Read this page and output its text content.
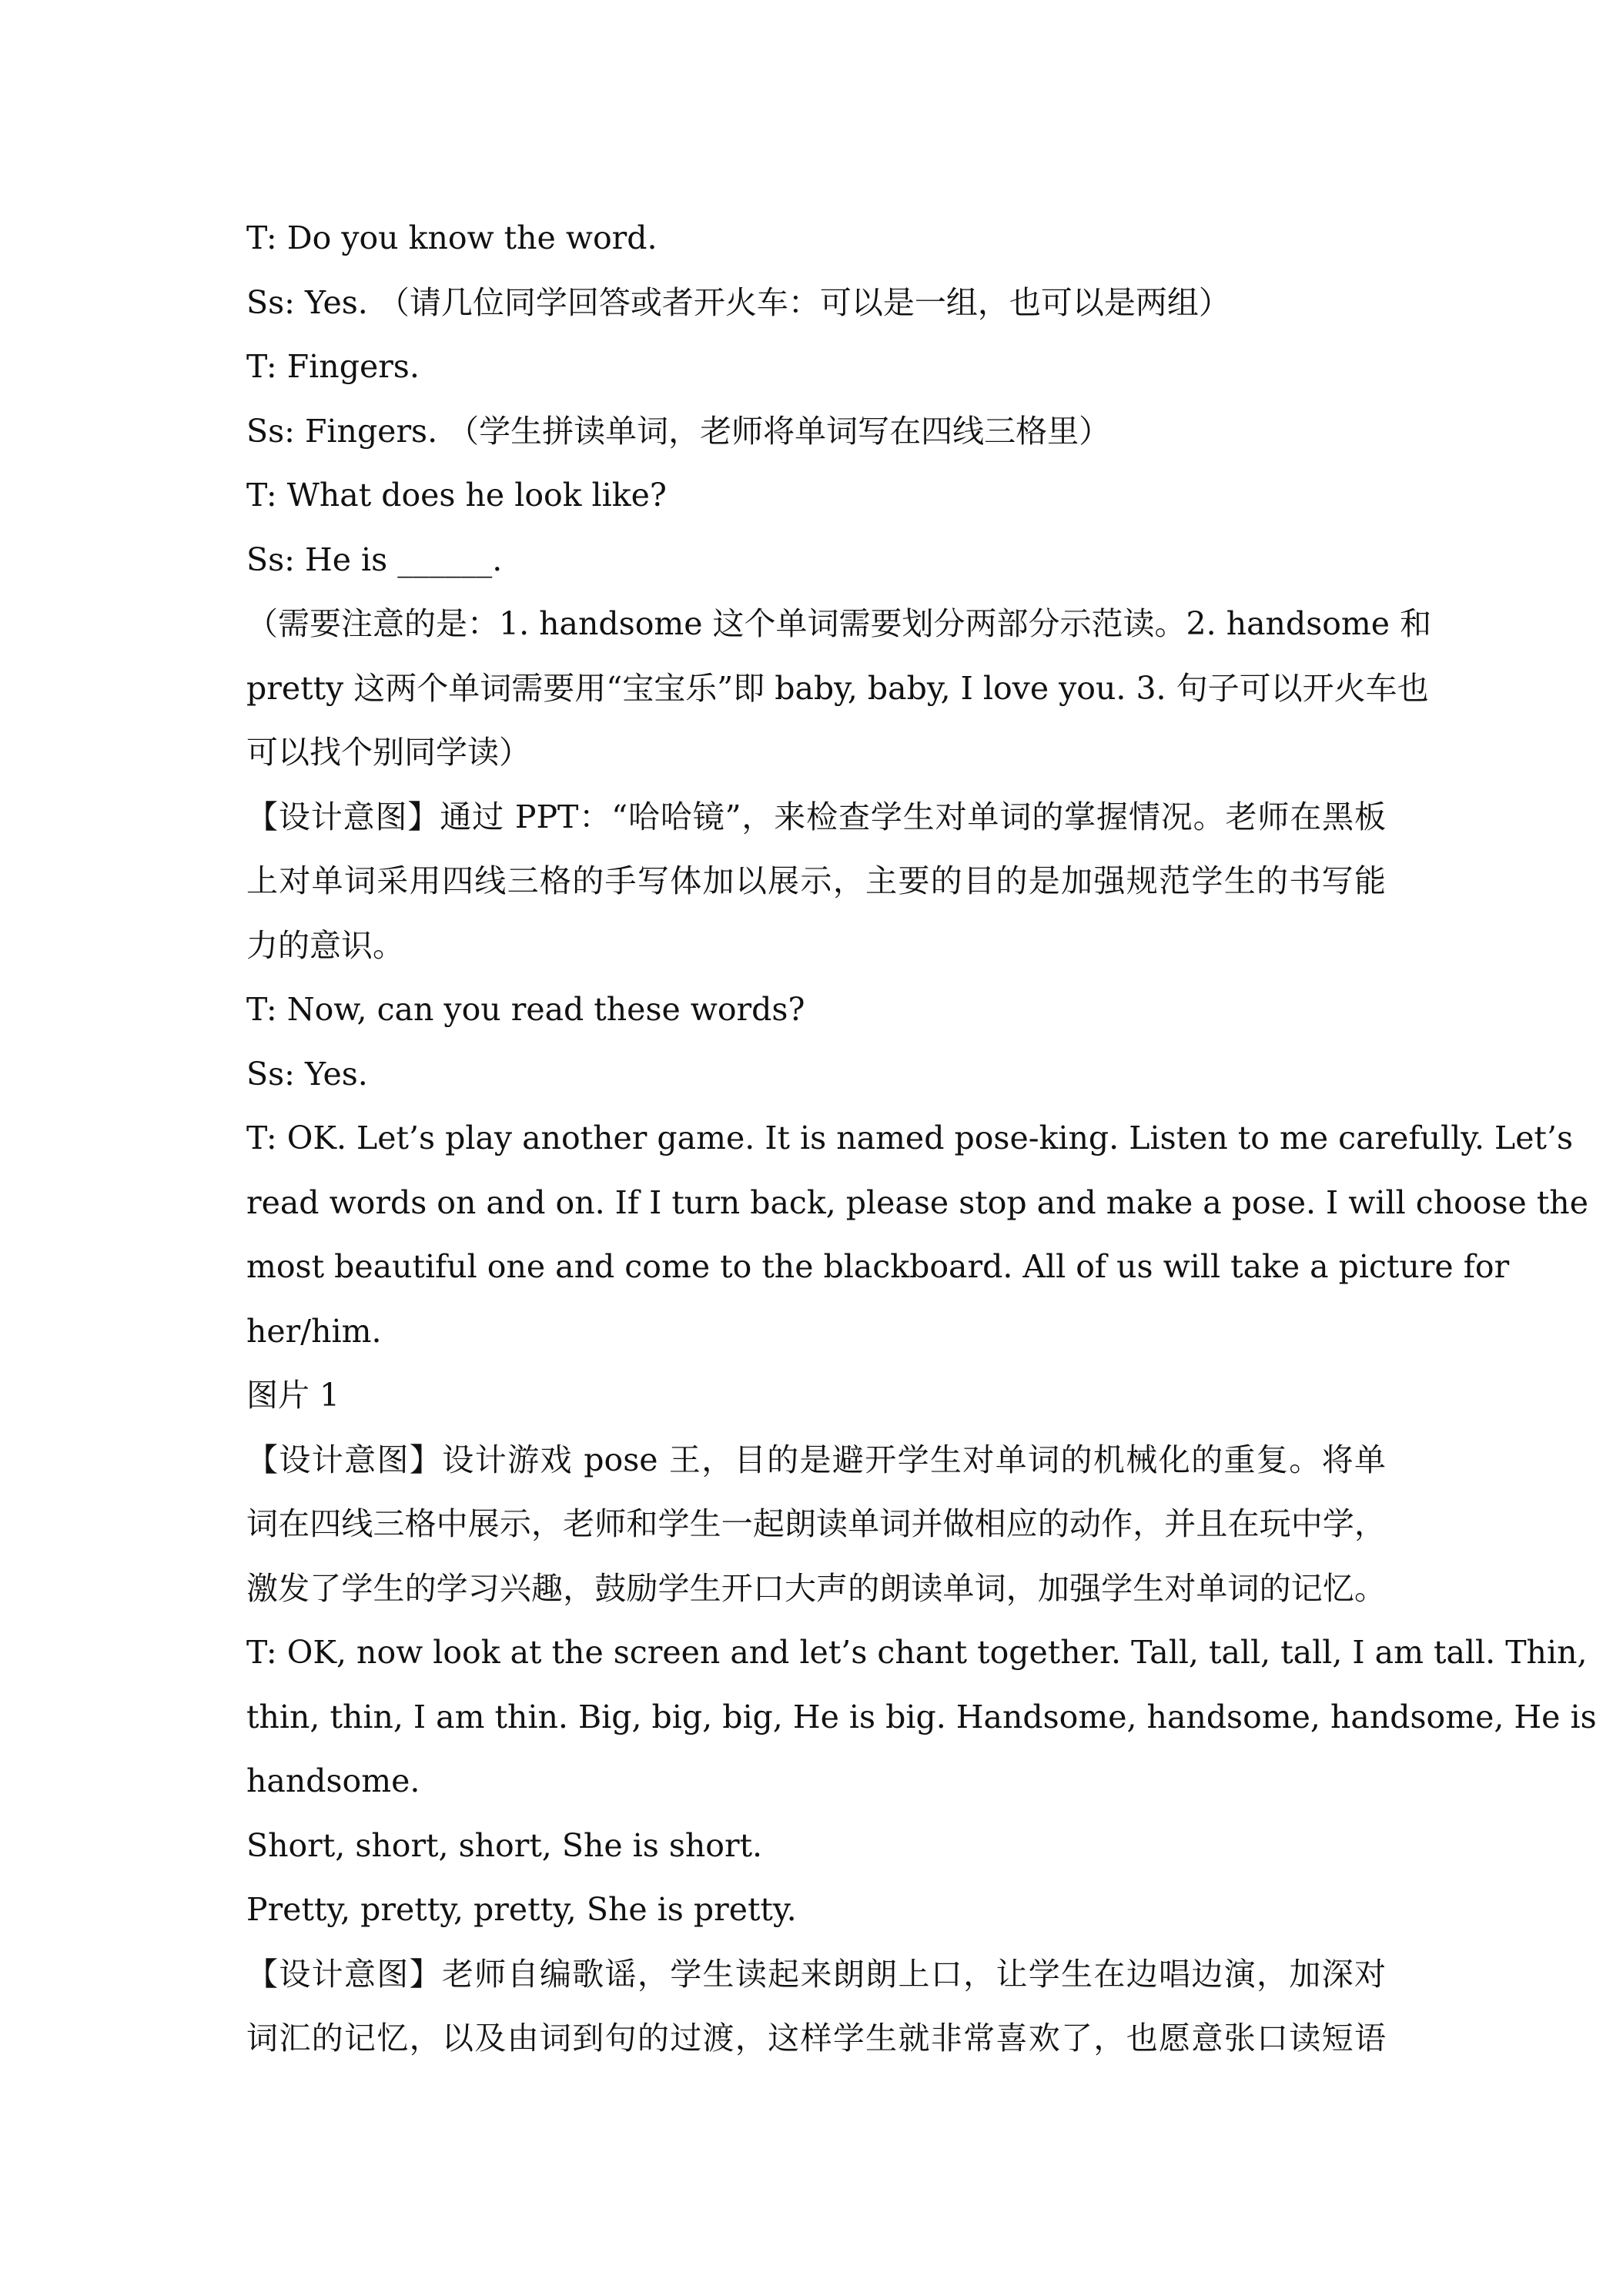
T: Do you know the word.
Ss: Yes. （请几位同学回答或者开火车：可以是一组，也可以是两组）
T: Fingers.
Ss: Fingers. （学生拼读单词，老师将单词写在四线三格里）
T: What does he look like?
Ss: He is ______.
（需要注意的是：1. handsome 这个单词需要划分两部分示范读。2. handsome 和
pretty 这两个单词需要用“宝宝乐”即 baby, baby, I love you. 3. 句子可以开火车也
可以找个别同学读）
【设计意图】通过 PPT：“哈哈镜”，来检查学生对单词的掌握情况。老师在黑板
上对单词采用四线三格的手写体加以展示，主要的目的是加强规范学生的书写能
力的意识。
T: Now, can you read these words?
Ss: Yes.
T: OK. Let’s play another game. It is named pose-king. Listen to me carefully. Let’s
read words on and on. If I turn back, please stop and make a pose. I will choose the
most beautiful one and come to the blackboard. All of us will take a picture for
her/him.
图片 1
【设计意图】设计游戏 pose 王，目的是避开学生对单词的机械化的重复。将单
词在四线三格中展示，老师和学生一起朗读单词并做相应的动作，并且在玩中学，
激发了学生的学习兴趣，鼓励学生开口大声的朗读单词，加强学生对单词的记忆。
T: OK, now look at the screen and let’s chant together. Tall, tall, tall, I am tall. Thin,
thin, thin, I am thin. Big, big, big, He is big. Handsome, handsome, handsome, He is
handsome.
Short, short, short, She is short.
Pretty, pretty, pretty, She is pretty.
【设计意图】老师自编歌谣，学生读起来朗朗上口，让学生在边唱边演，加深对
词汇的记忆，以及由词到句的过渡，这样学生就非常喜欢了，也愿意张口读短语
